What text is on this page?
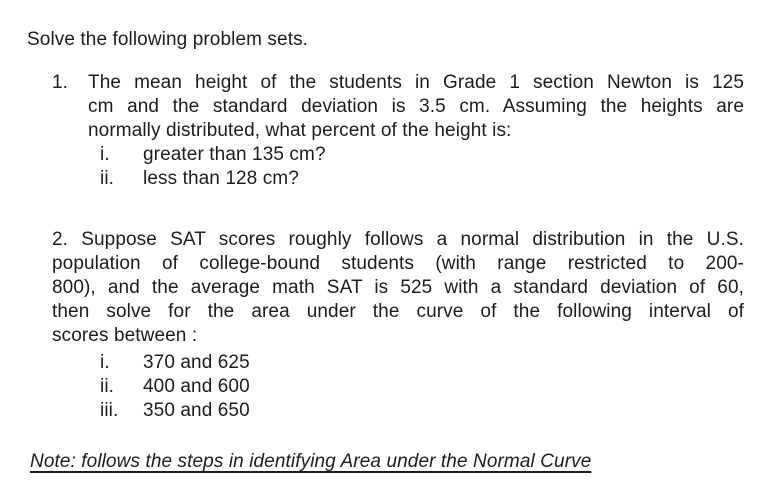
Solve the following problem sets.
1.	The mean height of the students in Grade 1 section Newton is 125
cm and the standard deviation is 3.5 cm. Assuming the heights are
normally distributed, what percent of the height is:
i.	greater than 135 cm?
ii.	less than 128 cm?
2. Suppose SAT scores roughly follows a normal distribution in the U.S.
population of college-bound students (with range restricted to 200-
800), and the average math SAT is 525 with a standard deviation of 60,
then solve for the area under the curve of the following interval of
scores between :
i.	370 and 625
ii.	400 and 600
iii.	350 and 650
Note: follows the steps in identifying Area under the Normal Curve
